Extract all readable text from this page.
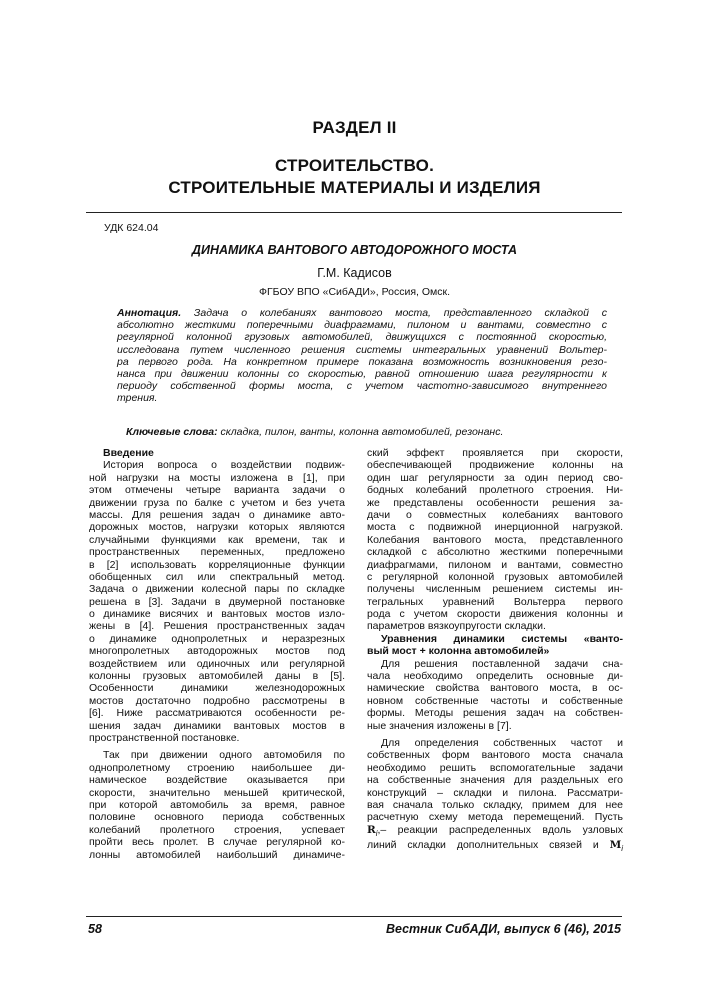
РАЗДЕЛ II
СТРОИТЕЛЬСТВО.
СТРОИТЕЛЬНЫЕ МАТЕРИАЛЫ И ИЗДЕЛИЯ
УДК 624.04
ДИНАМИКА ВАНТОВОГО АВТОДОРОЖНОГО МОСТА
Г.М. Кадисов
ФГБОУ ВПО «СибАДИ», Россия, Омск.
Аннотация. Задача о колебаниях вантового моста, представленного складкой с
абсолютно жесткими поперечными диафрагмами, пилоном и вантами, совместно с
регулярной колонной грузовых автомобилей, движущихся с постоянной скоростью,
исследована путем численного решения системы интегральных уравнений Вольтер-
ра первого рода. На конкретном примере показана возможность возникновения резо-
нанса при движении колонны со скоростью, равной отношению шага регулярности к
периоду собственной формы моста, с учетом частотно-зависимого внутреннего
трения.
Ключевые слова: складка, пилон, ванты, колонна автомобилей, резонанс.
Введение
История вопроса о воздействии подвиж-
ной нагрузки на мосты изложена в [1], при
этом отмечены четыре варианта задачи о
движении груза по балке с учетом и без учета
массы. Для решения задач о динамике авто-
дорожных мостов, нагрузки которых являются
случайными функциями как времени, так и
пространственных переменных, предложено
в [2] использовать корреляционные функции
обобщенных сил или спектральный метод.
Задача о движении колесной пары по складке
решена в [3]. Задачи в двумерной постановке
о динамике висячих и вантовых мостов изло-
жены в [4]. Решения пространственных задач
о динамике однопролетных и неразрезных
многопролетных автодорожных мостов под
воздействием или одиночных или регулярной
колонны грузовых автомобилей даны в [5].
Особенности динамики железнодорожных
мостов достаточно подробно рассмотрены в
[6]. Ниже рассматриваются особенности ре-
шения задач динамики вантовых мостов в
пространственной постановке.
Так при движении одного автомобиля по
однопролетному строению наибольшее ди-
намическое воздействие оказывается при
скорости, значительно меньшей критической,
при которой автомобиль за время, равное
половине основного периода собственных
колебаний пролетного строения, успевает
пройти весь пролет. В случае регулярной ко-
лонны автомобилей наибольший динамиче-
ский эффект проявляется при скорости,
обеспечивающей продвижение колонны на
один шаг регулярности за один период сво-
бодных колебаний пролетного строения. Ни-
же представлены особенности решения за-
дачи о совместных колебаниях вантового
моста с подвижной инерционной нагрузкой.
Колебания вантового моста, представленного
складкой с абсолютно жесткими поперечными
диафрагмами, пилоном и вантами, совместно
с регулярной колонной грузовых автомобилей
получены численным решением системы ин-
тегральных уравнений Вольтерра первого
рода с учетом скорости движения колонны и
параметров вязкоупругости складки.
Уравнения динамики системы «ванто-
вый мост + колонна автомобилей»
Для решения поставленной задачи сна-
чала необходимо определить основные ди-
намические свойства вантового моста, в ос-
новном собственные частоты и собственные
формы. Методы решения задач на собствен-
ные значения изложены в [7].
Для определения собственных частот и
собственных форм вантового моста сначала
необходимо решить вспомогательные задачи
на собственные значения для раздельных его
конструкций – складки и пилона. Рассматри-
вая сначала только складку, примем для нее
расчетную схему метода перемещений. Пусть
$R_i,-$ реакции распределенных вдоль узловых
линий складки дополнительных связей и $M_i$
58	Вестник СибАДИ, выпуск 6 (46), 2015
